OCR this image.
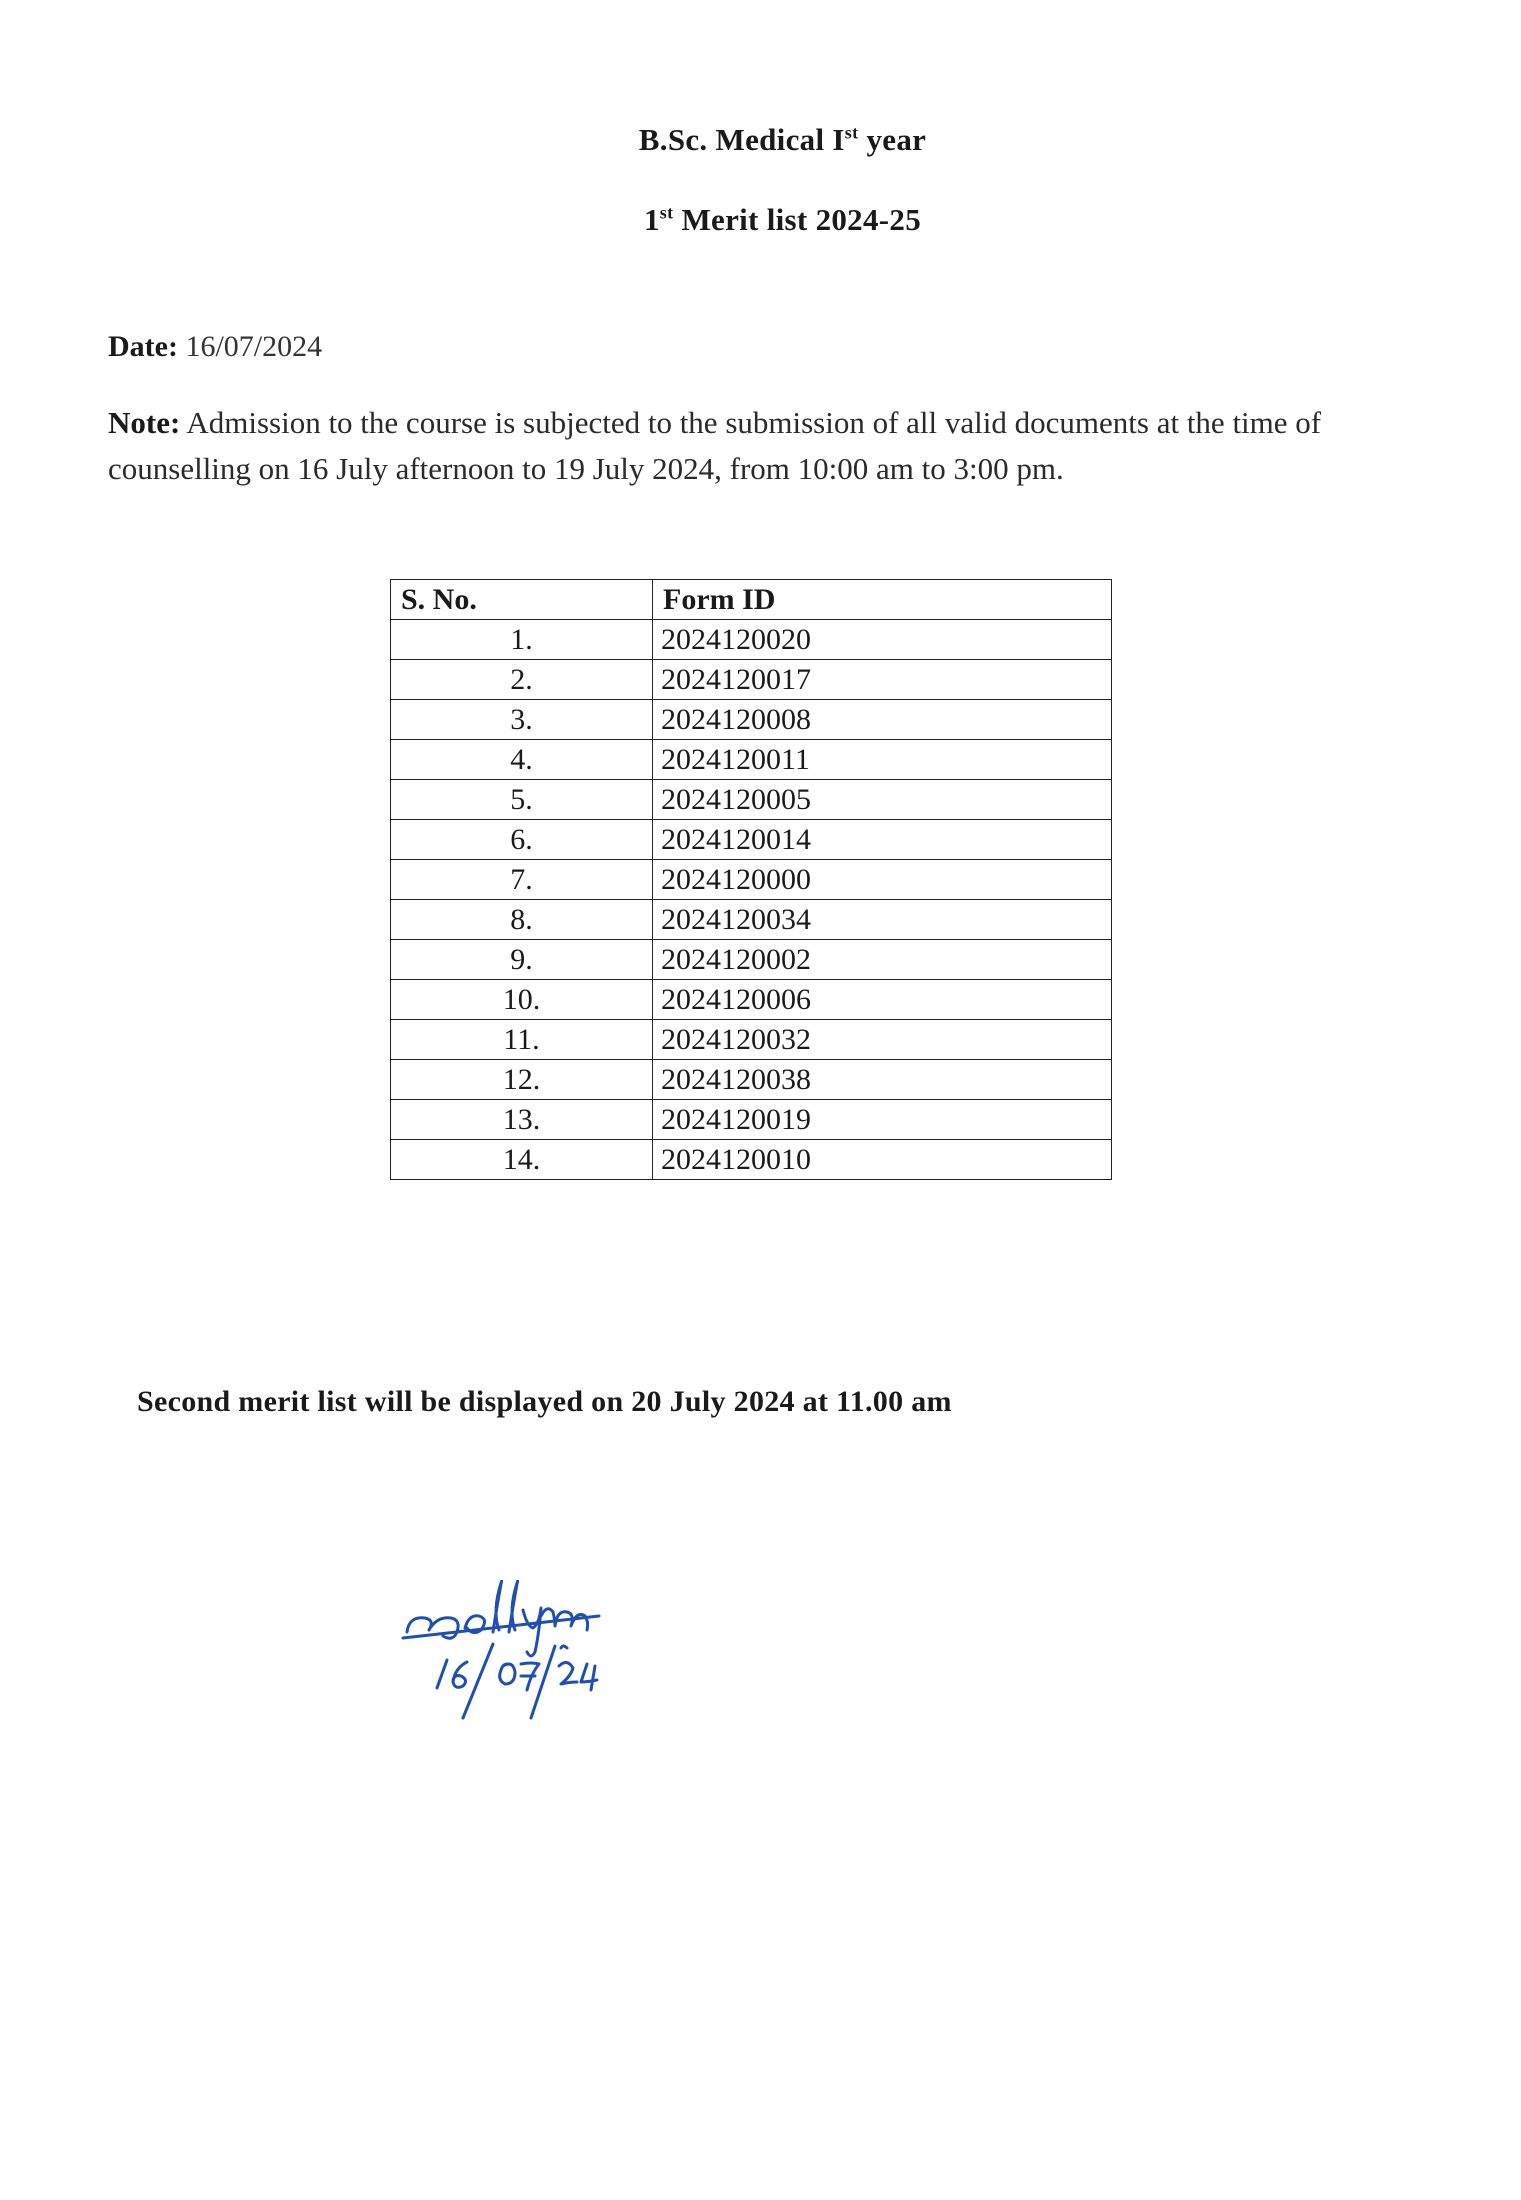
B.Sc. Medical Ist year
1st Merit list 2024-25
Date: 16/07/2024
Note: Admission to the course is subjected to the submission of all valid documents at the time of counselling on 16 July afternoon to 19 July 2024, from 10:00 am to 3:00 pm.
S. No.	Form ID
1.	2024120020
2.	2024120017
3.	2024120008
4.	2024120011
5.	2024120005
6.	2024120014
7.	2024120000
8.	2024120034
9.	2024120002
10.	2024120006
11.	2024120032
12.	2024120038
13.	2024120019
14.	2024120010
Second merit list will be displayed on 20 July 2024 at 11.00 am
